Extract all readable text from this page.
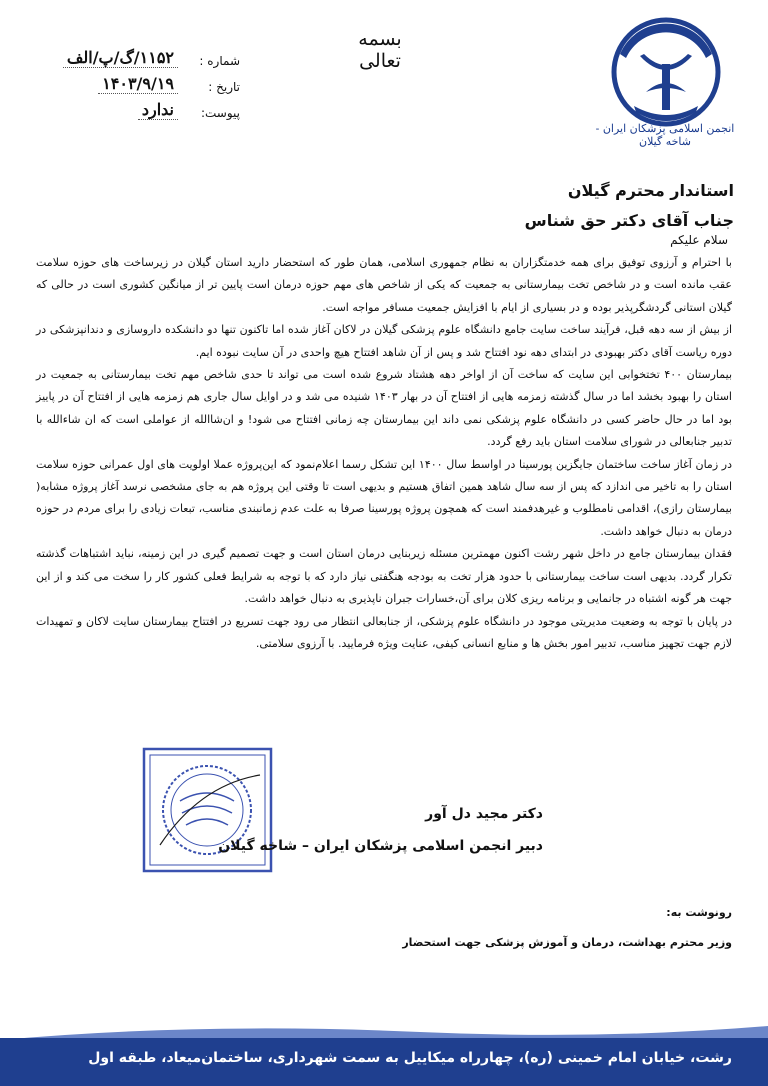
انجمن اسلامی پزشکان ایران - شاخه گیلان
بسمه تعالی
شماره :
۱۱۵۲/گ/پ/الف
تاریخ :
۱۴۰۳/۹/۱۹
پیوست:
ندارد
استاندار محترم گیلان
جناب آقای دکتر حق شناس
سلام علیکم

با احترام و آرزوی توفیق برای همه خدمتگزاران به نظام جمهوری اسلامی، همان طور که استحضار دارید استان گیلان در زیرساخت های حوزه سلامت عقب مانده است و در شاخص تخت بیمارستانی به جمعیت که یکی از شاخص های مهم حوزه درمان است پایین تر از میانگین کشوری است در حالی که گیلان استانی گردشگرپذیر بوده و در بسیاری از ایام با افزایش جمعیت مسافر مواجه است.

از بیش از سه دهه قبل، فرآیند ساخت سایت جامع دانشگاه علوم پزشکی گیلان در لاکان آغاز شده اما تاکنون تنها دو دانشکده داروسازی و دندانپزشکی در دوره ریاست آقای دکتر بهبودی در ابتدای دهه نود افتتاح شد و پس از آن شاهد افتتاح هیچ واحدی در آن سایت نبوده ایم.

بیمارستان ۴۰۰ تختخوابی این سایت که ساخت آن از اواخر دهه هشتاد شروع شده است می تواند تا حدی شاخص مهم تخت بیمارستانی به جمعیت در استان را بهبود بخشد اما در سال گذشته زمزمه هایی از افتتاح آن در بهار ۱۴۰۳ شنیده می شد و در اوایل سال جاری هم زمزمه هایی از افتتاح آن در پاییز بود اما در حال حاضر کسی در دانشگاه علوم پزشکی نمی داند این بیمارستان چه زمانی افتتاح می شود! و ان‌شاالله از عواملی است که ان شاءالله با تدبیر جنابعالی در شورای سلامت استان باید رفع گردد.

در زمان آغاز ساخت ساختمان جایگزین پورسینا در اواسط سال ۱۴۰۰ این تشکل رسما اعلام‌نمود که این‌پروژه عملا اولویت های اول عمرانی حوزه سلامت استان را به تاخیر می اندازد که پس از سه سال شاهد همین اتفاق هستیم و بدیهی است تا وقتی این پروژه هم به جای مشخصی نرسد آغاز پروژه مشابه( بیمارستان رازی)، اقدامی نامطلوب و غیرهدفمند است که همچون پروژه پورسینا صرفا به علت عدم زمانبندی مناسب، تبعات زیادی را برای مردم در حوزه درمان به دنبال خواهد داشت.

فقدان بیمارستان جامع در داخل شهر رشت اکنون مهمترین مسئله زیربنایی درمان استان است و جهت تصمیم گیری در این زمینه، نباید اشتباهات گذشته تکرار گردد. بدیهی است ساخت بیمارستانی با حدود هزار تخت به بودجه هنگفتی نیاز دارد که با توجه به شرایط فعلی کشور کار را سخت می کند و از این جهت هر گونه اشتباه در جانمایی و برنامه ریزی کلان برای آن،خسارات جبران ناپذیری به دنبال خواهد داشت.

در پایان با توجه به وضعیت مدیریتی موجود در دانشگاه علوم پزشکی، از جنابعالی انتظار می رود جهت تسریع در افتتاح بیمارستان سایت لاکان و تمهیدات لازم جهت تجهیز مناسب، تدبیر امور بخش ها و منابع انسانی کیفی، عنایت ویژه فرمایید. با آرزوی سلامتی.

دکتر مجید دل آور
دبیر انجمن اسلامی پزشکان ایران – شاخه گیلان
رونوشت به:
وزیر محترم بهداشت، درمان و آموزش پزشکی جهت استحضار
رشت، خیابان امام خمینی (ره)، چهارراه میکاییل به سمت شهرداری، ساختمان‌میعاد، طبقه اول
